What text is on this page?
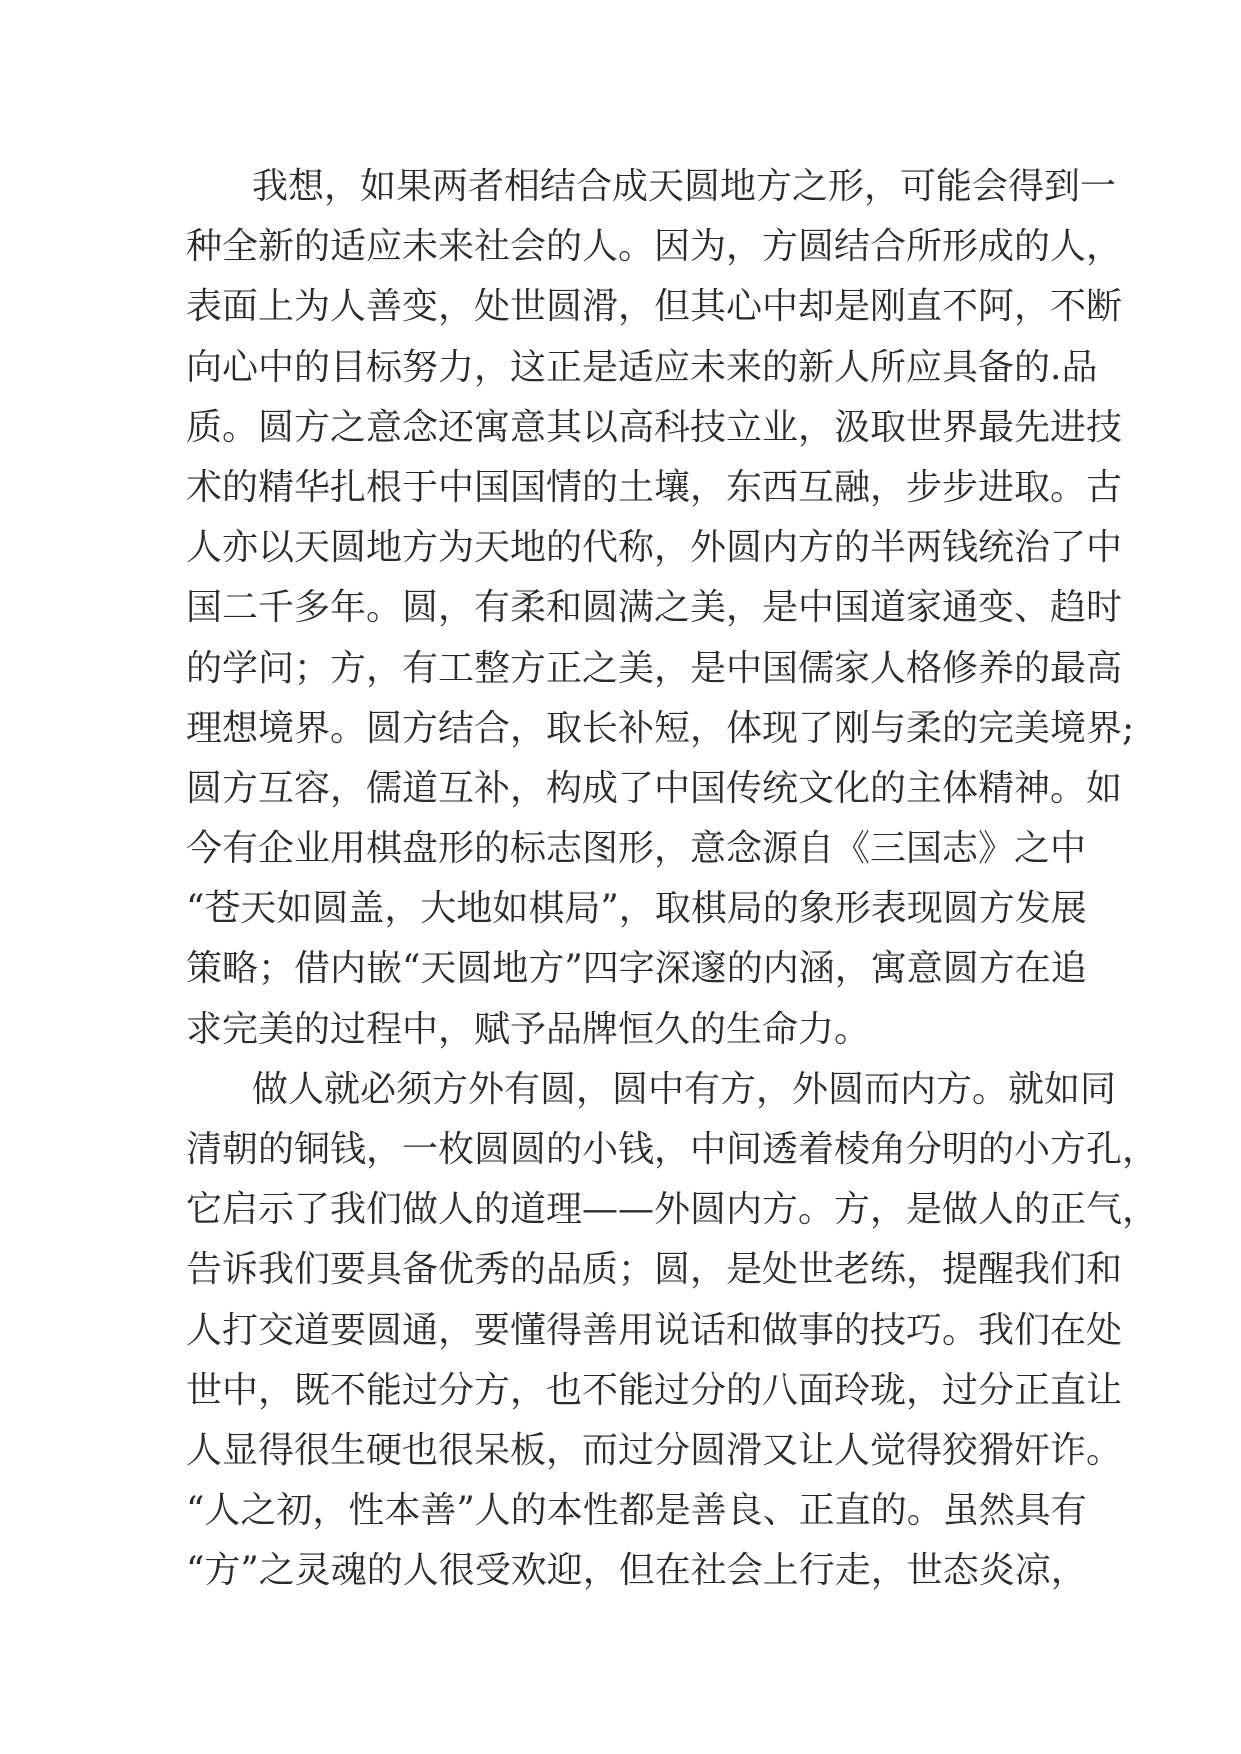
我想，如果两者相结合成天圆地方之形，可能会得到一
种全新的适应未来社会的人。因为，方圆结合所形成的人，
表面上为人善变，处世圆滑，但其心中却是刚直不阿，不断
向心中的目标努力，这正是适应未来的新人所应具备的.品
质。圆方之意念还寓意其以高科技立业，汲取世界最先进技
术的精华扎根于中国国情的土壤，东西互融，步步进取。古
人亦以天圆地方为天地的代称，外圆内方的半两钱统治了中
国二千多年。圆，有柔和圆满之美，是中国道家通变、趋时
的学问；方，有工整方正之美，是中国儒家人格修养的最高
理想境界。圆方结合，取长补短，体现了刚与柔的完美境界;
圆方互容，儒道互补，构成了中国传统文化的主体精神。如
今有企业用棋盘形的标志图形，意念源自《三国志》之中
“苍天如圆盖，大地如棋局”，取棋局的象形表现圆方发展
策略；借内嵌“天圆地方”四字深邃的内涵，寓意圆方在追
求完美的过程中，赋予品牌恒久的生命力。
做人就必须方外有圆，圆中有方，外圆而内方。就如同
清朝的铜钱，一枚圆圆的小钱，中间透着棱角分明的小方孔，
它启示了我们做人的道理——外圆内方。方，是做人的正气，
告诉我们要具备优秀的品质；圆，是处世老练，提醒我们和
人打交道要圆通，要懂得善用说话和做事的技巧。我们在处
世中，既不能过分方，也不能过分的八面玲珑，过分正直让
人显得很生硬也很呆板，而过分圆滑又让人觉得狡猾奸诈。
“人之初，性本善”人的本性都是善良、正直的。虽然具有
“方”之灵魂的人很受欢迎，但在社会上行走，世态炎凉，
